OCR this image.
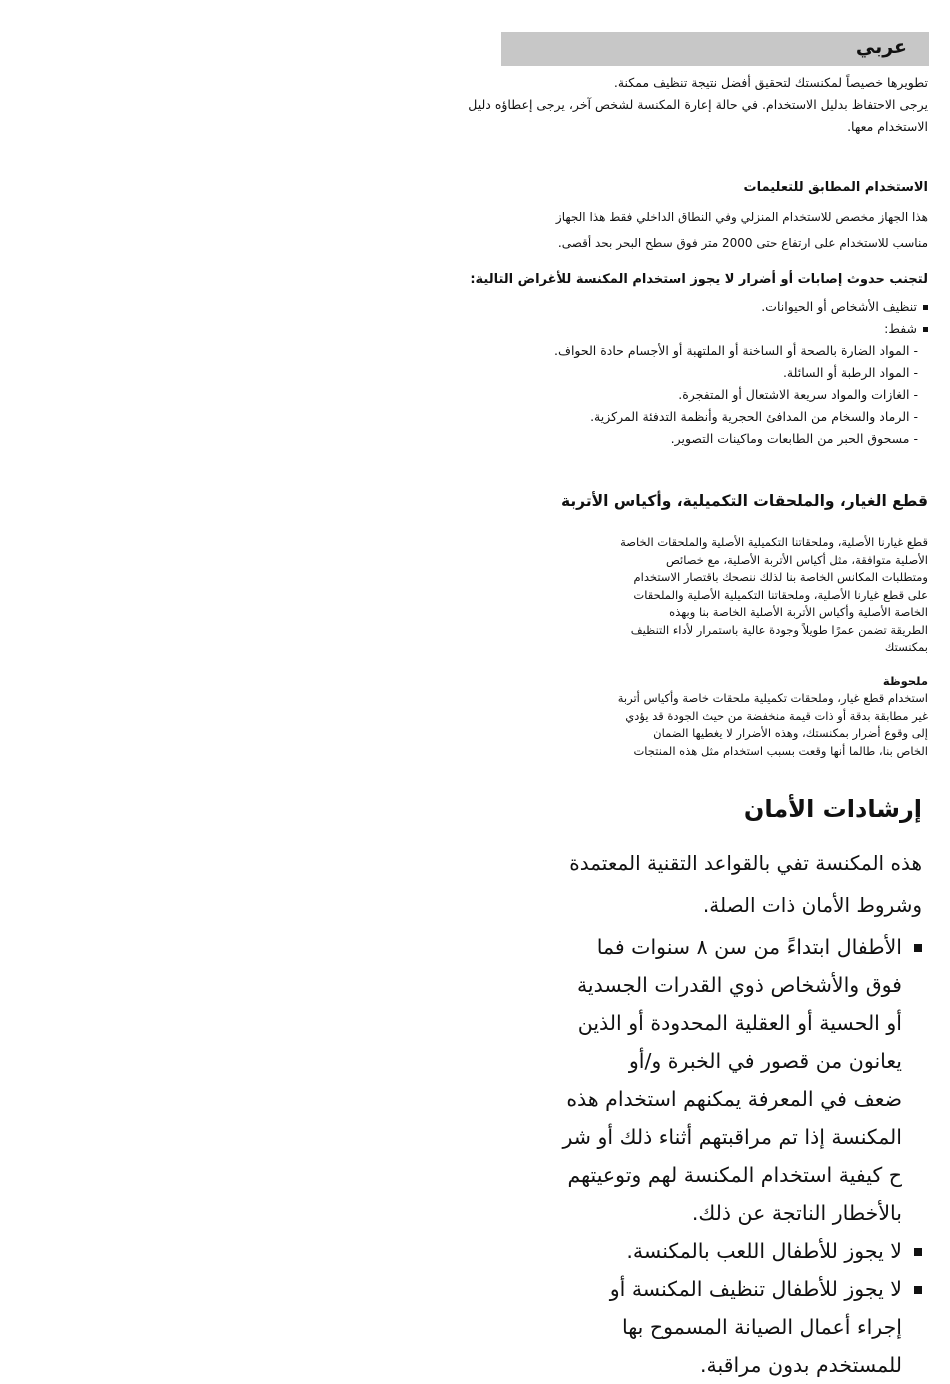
عربي

تطويرها خصيصاً لمكنستك لتحقيق أفضل نتيجة تنظيف ممكنة.

يرجى الاحتفاظ بدليل الاستخدام. في حالة إعارة المكنسة لشخص آخر، يرجى إعطاؤه دليل

الاستخدام معها.

الاستخدام المطابق للتعليمات

هذا الجهاز مخصص للاستخدام المنزلي وفي النطاق الداخلي فقط هذا الجهاز

مناسب للاستخدام على ارتفاع حتى 2000 متر فوق سطح البحر بحد أقصى.

لتجنب حدوث إصابات أو أضرار لا يجوز استخدام المكنسة للأغراض التالية:
تنظيف الأشخاص أو الحيوانات.
شفط:
- المواد الضارة بالصحة أو الساخنة أو الملتهبة أو الأجسام حادة الحواف.
- المواد الرطبة أو السائلة.
- الغازات والمواد سريعة الاشتعال أو المتفجرة.
- الرماد والسخام من المدافئ الحجرية وأنظمة التدفئة المركزية.
- مسحوق الحبر من الطابعات وماكينات التصوير.
قطع الغيار، والملحقات التكميلية، وأكياس الأتربة

قطع غيارنا الأصلية، وملحقاتنا التكميلية الأصلية والملحقات الخاصة

الأصلية متوافقة، مثل أكياس الأتربة الأصلية، مع خصائص

ومتطلبات المكانس الخاصة بنا لذلك ننصحك باقتصار الاستخدام

على قطع غيارنا الأصلية، وملحقاتنا التكميلية الأصلية والملحقات

الخاصة الأصلية وأكياس الأتربة الأصلية الخاصة بنا وبهذه

الطريقة تضمن عمرًا طويلاً وجودة عالية باستمرار لأداء التنظيف

بمكنستك

ملحوظة

استخدام قطع غيار، وملحقات تكميلية ملحقات خاصة وأكياس أتربة

غير مطابقة بدقة أو ذات قيمة منخفضة من حيث الجودة قد يؤدي

إلى وقوع أضرار بمكنستك، وهذه الأضرار لا يغطيها الضمان

الخاص بنا، طالما أنها وقعت بسبب استخدام مثل هذه المنتجات

إرشادات الأمان

هذه المكنسة تفي بالقواعد التقنية المعتمدة

وشروط الأمان ذات الصلة.

الأطفال ابتداءً من سن ٨ سنوات فما
فوق والأشخاص ذوي القدرات الجسدية
أو الحسية أو العقلية المحدودة أو الذين
يعانون من قصور في الخبرة و/أو
ضعف في المعرفة يمكنهم استخدام هذه
المكنسة إذا تم مراقبتهم أثناء ذلك أو شر
ح كيفية استخدام المكنسة لهم وتوعيتهم
بالأخطار الناتجة عن ذلك.
لا يجوز للأطفال اللعب بالمكنسة.
لا يجوز للأطفال تنظيف المكنسة أو
إجراء أعمال الصيانة المسموح بها
للمستخدم بدون مراقبة.
